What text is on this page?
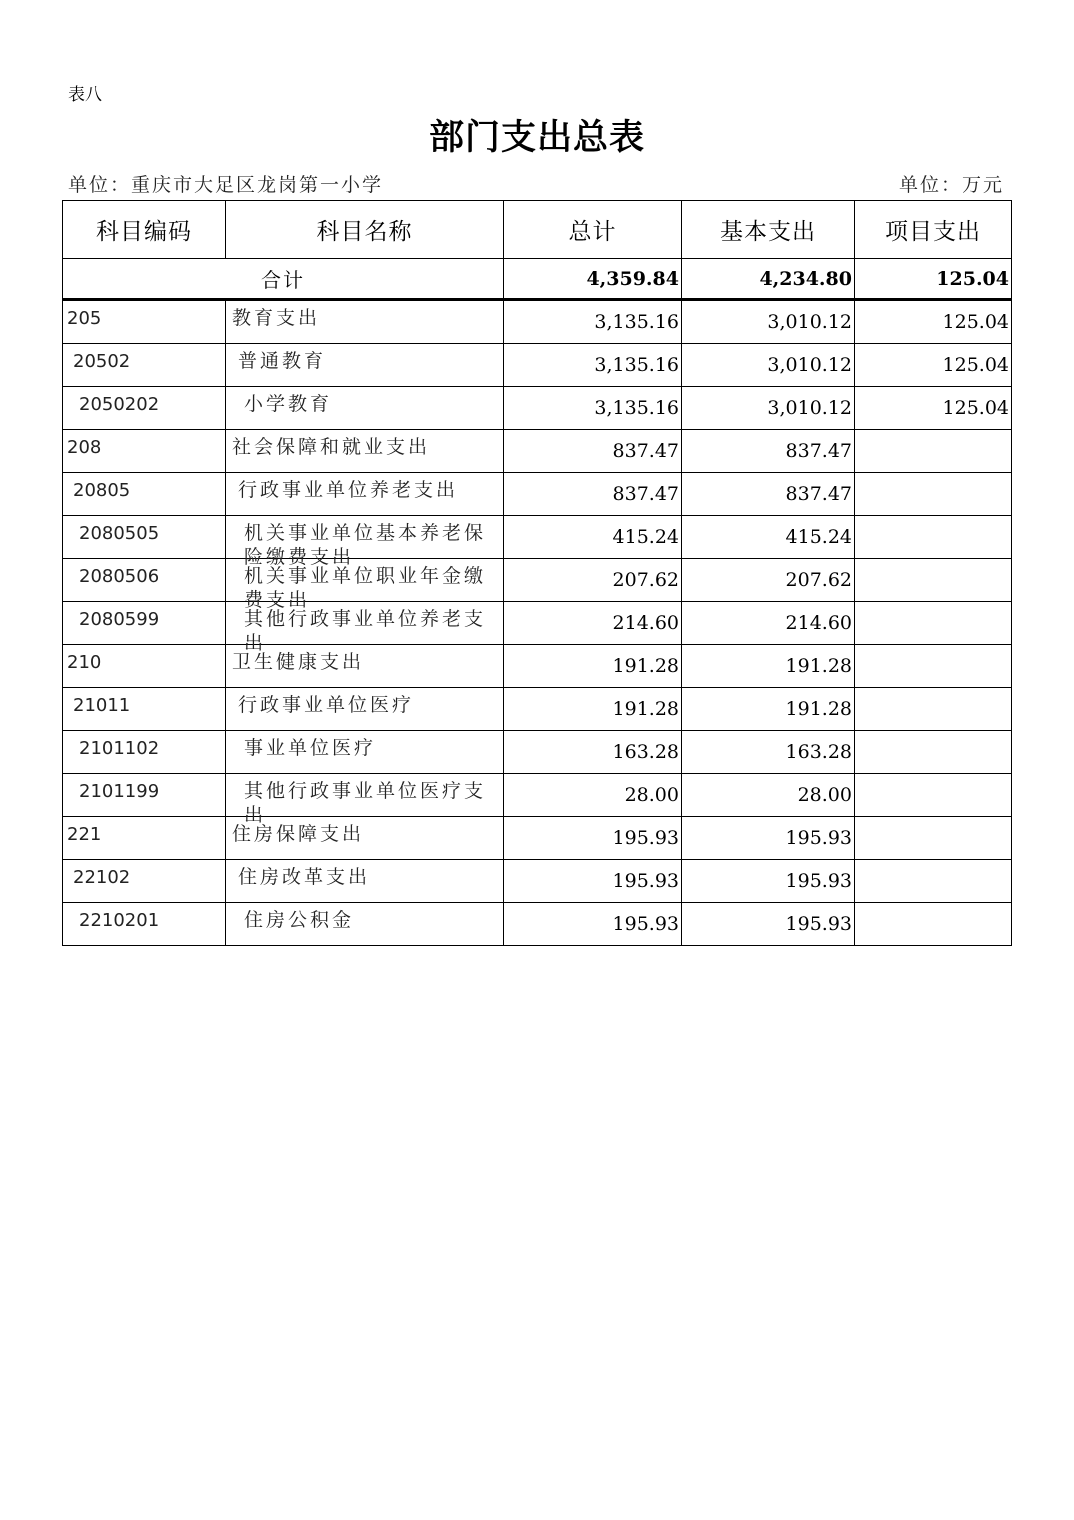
表八
部门支出总表
单位：重庆市大足区龙岗第一小学	单位：万元
科目编码	科目名称	总计	基本支出	项目支出
合计		4,359.84	4,234.80	125.04
205	教育支出	3,135.16	3,010.12	125.04
20502	普通教育	3,135.16	3,010.12	125.04
2050202	小学教育	3,135.16	3,010.12	125.04
208	社会保障和就业支出	837.47	837.47	
20805	行政事业单位养老支出	837.47	837.47	
2080505	机关事业单位基本养老保险缴费支出	415.24	415.24	
2080506	机关事业单位职业年金缴费支出	207.62	207.62	
2080599	其他行政事业单位养老支出	214.60	214.60	
210	卫生健康支出	191.28	191.28	
21011	行政事业单位医疗	191.28	191.28	
2101102	事业单位医疗	163.28	163.28	
2101199	其他行政事业单位医疗支出	28.00	28.00	
221	住房保障支出	195.93	195.93	
22102	住房改革支出	195.93	195.93	
2210201	住房公积金	195.93	195.93	
